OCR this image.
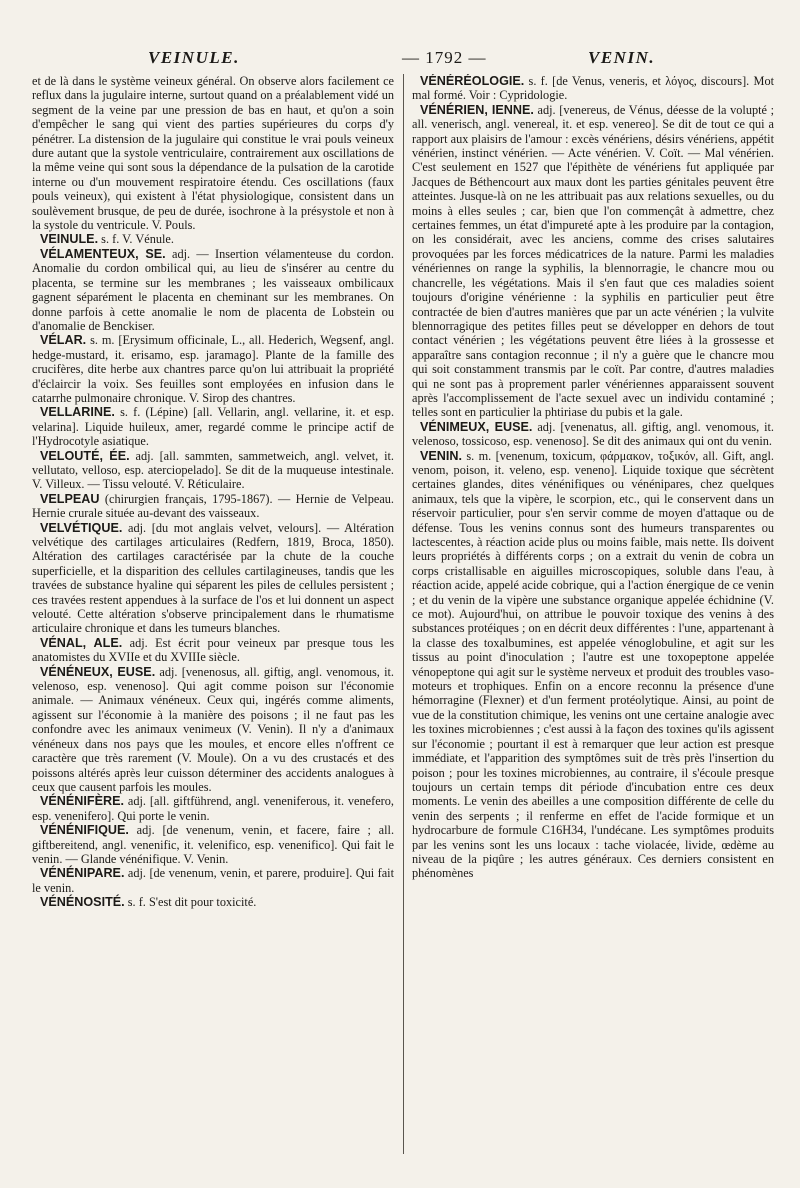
VEINULE.	— 1792 —	VENIN.

et de là dans le système veineux général. On observe alors facilement ce reflux dans la jugulaire interne, surtout quand on a préalablement vidé un segment de la veine par une pression de bas en haut, et qu'on a soin d'empêcher le sang qui vient des parties supérieures du corps d'y pénétrer. La distension de la jugulaire qui constitue le vrai pouls veineux dure autant que la systole ventriculaire, contrairement aux oscillations de la même veine qui sont sous la dépendance de la pulsation de la carotide interne ou d'un mouvement respiratoire étendu. Ces oscillations (faux pouls veineux), qui existent à l'état physiologique, consistent dans un soulèvement brusque, de peu de durée, isochrone à la présystole et non à la systole du ventricule. V. Pouls.

VEINULE. s. f. V. Vénule.

VÉLAMENTEUX, SE. adj. — Insertion vélamenteuse du cordon. Anomalie du cordon ombilical qui, au lieu de s'insérer au centre du placenta, se termine sur les membranes ; les vaisseaux ombilicaux gagnent séparément le placenta en cheminant sur les membranes. On donne parfois à cette anomalie le nom de placenta de Lobstein ou d'anomalie de Benckiser.

VÉLAR. s. m. [Erysimum officinale, L., all. Hederich, Wegsenf, angl. hedge-mustard, it. erisamo, esp. jaramago]. Plante de la famille des crucifères, dite herbe aux chantres parce qu'on lui attribuait la propriété d'éclaircir la voix. Ses feuilles sont employées en infusion dans le catarrhe pulmonaire chronique. V. Sirop des chantres.

VELLARINE. s. f. (Lépine) [all. Vellarin, angl. vellarine, it. et esp. velarina]. Liquide huileux, amer, regardé comme le principe actif de l'Hydrocotyle asiatique.

VELOUTÉ, ÉE. adj. [all. sammten, sammetweich, angl. velvet, it. vellutato, velloso, esp. aterciopelado]. Se dit de la muqueuse intestinale. V. Villeux. — Tissu velouté. V. Réticulaire.

VELPEAU (chirurgien français, 1795-1867). — Hernie de Velpeau. Hernie crurale située au-devant des vaisseaux.

VELVÉTIQUE. adj. [du mot anglais velvet, velours]. — Altération velvétique des cartilages articulaires (Redfern, 1819, Broca, 1850). Altération des cartilages caractérisée par la chute de la couche superficielle, et la disparition des cellules cartilagineuses, tandis que les travées de substance hyaline qui séparent les piles de cellules persistent ; ces travées restent appendues à la surface de l'os et lui donnent un aspect velouté. Cette altération s'observe principalement dans le rhumatisme articulaire chronique et dans les tumeurs blanches.

VÉNAL, ALE. adj. Est écrit pour veineux par presque tous les anatomistes du XVIIe et du XVIIIe siècle.

VÉNÉNEUX, EUSE. adj. [venenosus, all. giftig, angl. venomous, it. velenoso, esp. venenoso]. Qui agit comme poison sur l'économie animale. — Animaux vénéneux. Ceux qui, ingérés comme aliments, agissent sur l'économie à la manière des poisons ; il ne faut pas les confondre avec les animaux venimeux (V. Venin). Il n'y a d'animaux vénéneux dans nos pays que les moules, et encore elles n'offrent ce caractère que très rarement (V. Moule). On a vu des crustacés et des poissons altérés après leur cuisson déterminer des accidents analogues à ceux que causent parfois les moules.

VÉNÉNIFÈRE. adj. [all. giftführend, angl. veneniferous, it. venefero, esp. venenifero]. Qui porte le venin.

VÉNÉNIFIQUE. adj. [de venenum, venin, et facere, faire ; all. giftbereitend, angl. venenific, it. velenifico, esp. venenifico]. Qui fait le venin. — Glande vénénifique. V. Venin.

VÉNÉNIPARE. adj. [de venenum, venin, et parere, produire]. Qui fait le venin.

VÉNÉNOSITÉ. s. f. S'est dit pour toxicité.

VÉNÉRÉOLOGIE. s. f. [de Venus, veneris, et λόγος, discours]. Mot mal formé. Voir : Cypridologie.

VÉNÉRIEN, IENNE. adj. [venereus, de Vénus, déesse de la volupté ; all. venerisch, angl. venereal, it. et esp. venereo]. Se dit de tout ce qui a rapport aux plaisirs de l'amour : excès vénériens, désirs vénériens, appétit vénérien, instinct vénérien. — Acte vénérien. V. Coït. — Mal vénérien. C'est seulement en 1527 que l'épithète de vénériens fut appliquée par Jacques de Béthencourt aux maux dont les parties génitales peuvent être atteintes. Jusque-là on ne les attribuait pas aux relations sexuelles, ou du moins à elles seules ; car, bien que l'on commençât à admettre, chez certaines femmes, un état d'impureté apte à les produire par la contagion, on les considérait, avec les anciens, comme des crises salutaires provoquées par les forces médicatrices de la nature. Parmi les maladies vénériennes on range la syphilis, la blennorragie, le chancre mou ou chancrelle, les végétations. Mais il s'en faut que ces maladies soient toujours d'origine vénérienne : la syphilis en particulier peut être contractée de bien d'autres manières que par un acte vénérien ; la vulvite blennorragique des petites filles peut se développer en dehors de tout contact vénérien ; les végétations peuvent être liées à la grossesse et apparaître sans contagion reconnue ; il n'y a guère que le chancre mou qui soit constamment transmis par le coït. Par contre, d'autres maladies qui ne sont pas à proprement parler vénériennes apparaissent souvent après l'accomplissement de l'acte sexuel avec un individu contaminé ; telles sont en particulier la phtiriase du pubis et la gale.

VÉNIMEUX, EUSE. adj. [venenatus, all. giftig, angl. venomous, it. velenoso, tossicoso, esp. venenoso]. Se dit des animaux qui ont du venin.

VENIN. s. m. [venenum, toxicum, φάρμακον, τοξικόν, all. Gift, angl. venom, poison, it. veleno, esp. veneno]. Liquide toxique que sécrètent certaines glandes, dites vénénifiques ou vénénipares, chez quelques animaux, tels que la vipère, le scorpion, etc., qui le conservent dans un réservoir particulier, pour s'en servir comme de moyen d'attaque ou de défense. Tous les venins connus sont des humeurs transparentes ou lactescentes, à réaction acide plus ou moins faible, mais nette. Ils doivent leurs propriétés à différents corps ; on a extrait du venin de cobra un corps cristallisable en aiguilles microscopiques, soluble dans l'eau, à réaction acide, appelé acide cobrique, qui a l'action énergique de ce venin ; et du venin de la vipère une substance organique appelée échidnine (V. ce mot). Aujourd'hui, on attribue le pouvoir toxique des venins à des substances protéiques ; on en décrit deux différentes : l'une, appartenant à la classe des toxalbumines, est appelée vénoglobuline, et agit sur les tissus au point d'inoculation ; l'autre est une toxopeptone appelée vénopeptone qui agit sur le système nerveux et produit des troubles vaso-moteurs et trophiques. Enfin on a encore reconnu la présence d'une hémorragine (Flexner) et d'un ferment protéolytique. Ainsi, au point de vue de la constitution chimique, les venins ont une certaine analogie avec les toxines microbiennes ; c'est aussi à la façon des toxines qu'ils agissent sur l'économie ; pourtant il est à remarquer que leur action est presque immédiate, et l'apparition des symptômes suit de très près l'insertion du poison ; pour les toxines microbiennes, au contraire, il s'écoule presque toujours un certain temps dit période d'incubation entre ces deux moments. Le venin des abeilles a une composition différente de celle du venin des serpents ; il renferme en effet de l'acide formique et un hydrocarbure de formule C16H34, l'undécane. Les symptômes produits par les venins sont les uns locaux : tache violacée, livide, œdème au niveau de la piqûre ; les autres généraux. Ces derniers consistent en phénomènes
